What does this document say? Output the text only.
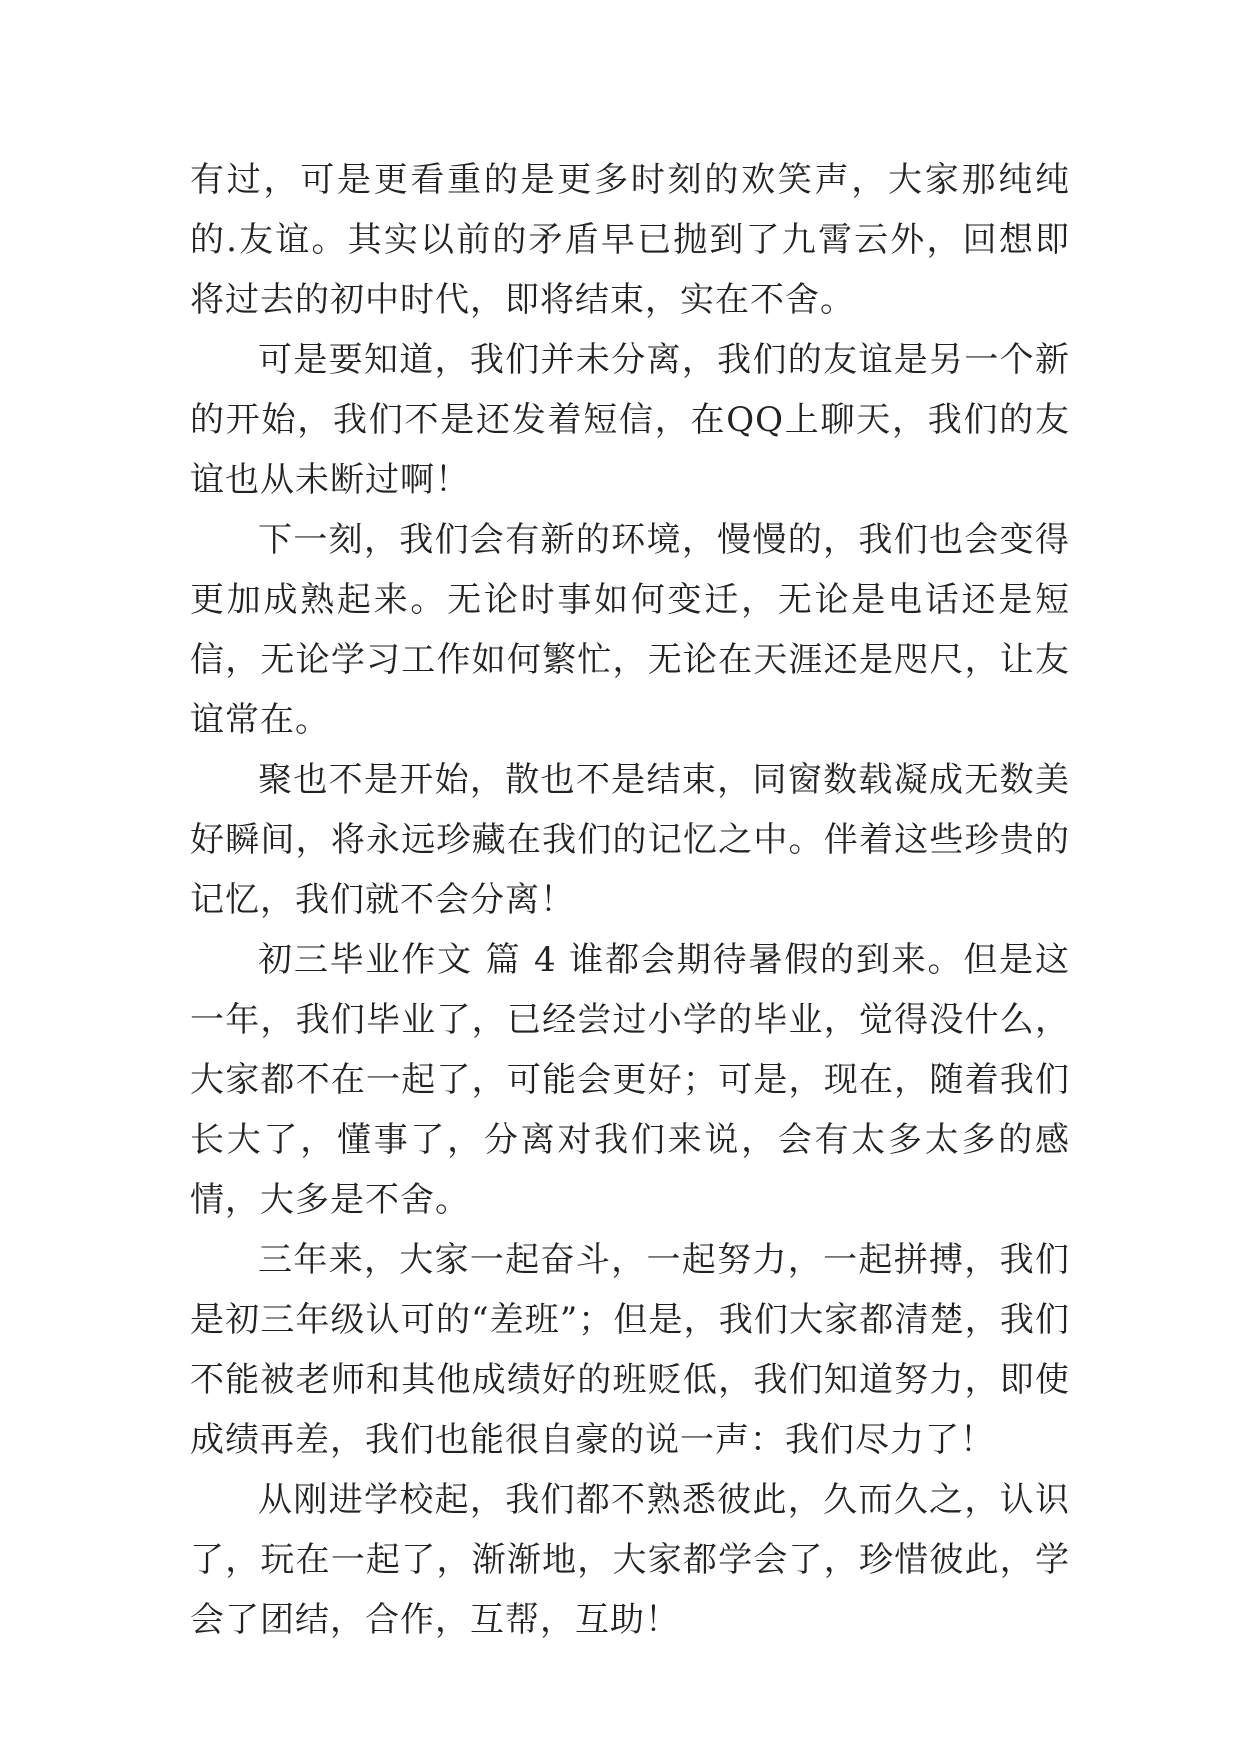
有过，可是更看重的是更多时刻的欢笑声，大家那纯纯的.友谊。其实以前的矛盾早已抛到了九霄云外，回想即将过去的初中时代，即将结束，实在不舍。

可是要知道，我们并未分离，我们的友谊是另一个新的开始，我们不是还发着短信，在QQ上聊天，我们的友谊也从未断过啊！

下一刻，我们会有新的环境，慢慢的，我们也会变得更加成熟起来。无论时事如何变迁，无论是电话还是短信，无论学习工作如何繁忙，无论在天涯还是咫尺，让友谊常在。

聚也不是开始，散也不是结束，同窗数载凝成无数美好瞬间，将永远珍藏在我们的记忆之中。伴着这些珍贵的记忆，我们就不会分离！

初三毕业作文 篇 4 谁都会期待暑假的到来。但是这一年，我们毕业了，已经尝过小学的毕业，觉得没什么，大家都不在一起了，可能会更好；可是，现在，随着我们长大了，懂事了，分离对我们来说，会有太多太多的感情，大多是不舍。

三年来，大家一起奋斗，一起努力，一起拼搏，我们是初三年级认可的“差班”；但是，我们大家都清楚，我们不能被老师和其他成绩好的班贬低，我们知道努力，即使成绩再差，我们也能很自豪的说一声：我们尽力了！

从刚进学校起，我们都不熟悉彼此，久而久之，认识了，玩在一起了，渐渐地，大家都学会了，珍惜彼此，学会了团结，合作，互帮，互助！
